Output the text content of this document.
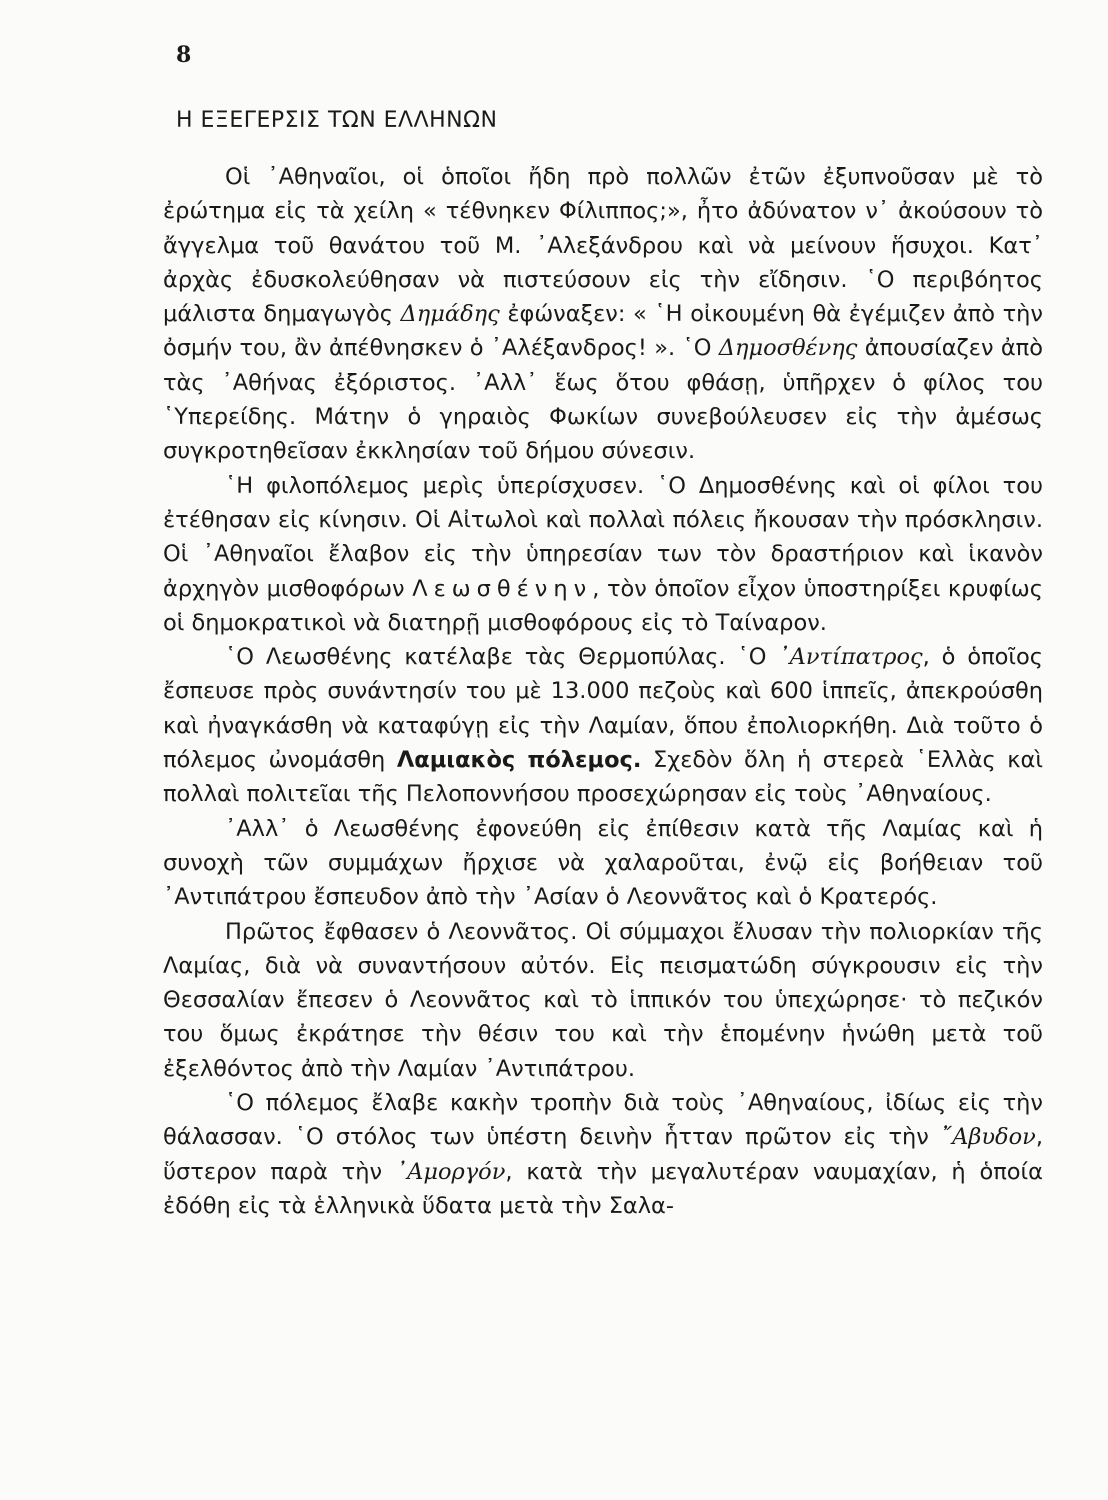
8
Η ΕΞΕΓΕΡΣΙΣ ΤΩΝ ΕΛΛΗΝΩΝ

Οἱ ᾿Αθηναῖοι, οἱ ὁποῖοι ἤδη πρὸ πολλῶν ἐτῶν ἐξυπνοῦσαν μὲ τὸ ἐρώτημα εἰς τὰ χείλη « τέθνηκεν Φίλιππος;», ἦτο ἀδύνατον ν᾿ ἀκούσουν τὸ ἄγγελμα τοῦ θανάτου τοῦ Μ. ᾿Αλεξάνδρου καὶ νὰ μείνουν ἥσυχοι. Κατ᾿ ἀρχὰς ἐδυσκολεύθησαν νὰ πιστεύσουν εἰς τὴν εἴδησιν. ῾Ο περιβόητος μάλιστα δημαγωγὸς Δημάδης ἐφώναξεν: « ῾Η οἰκουμένη θὰ ἐγέμιζεν ἀπὸ τὴν ὀσμήν του, ἂν ἀπέθνησκεν ὁ ᾿Αλέξανδρος! ». ῾Ο Δημοσθένης ἀπουσίαζεν ἀπὸ τὰς ᾿Αθήνας ἐξόριστος. ᾿Αλλ᾿ ἕως ὅτου φθάσῃ, ὑπῆρχεν ὁ φίλος του ῾Υπερείδης. Μάτην ὁ γηραιὸς Φωκίων συνεβούλευσεν εἰς τὴν ἀμέσως συγκροτηθεῖσαν ἐκκλησίαν τοῦ δήμου σύνεσιν.

῾Η φιλοπόλεμος μερὶς ὑπερίσχυσεν. ῾Ο Δημοσθένης καὶ οἱ φίλοι του ἐτέθησαν εἰς κίνησιν. Οἱ Αἰτωλοὶ καὶ πολλαὶ πόλεις ἤκουσαν τὴν πρόσκλησιν. Οἱ ᾿Αθηναῖοι ἔλαβον εἰς τὴν ὑπηρεσίαν των τὸν δραστήριον καὶ ἱκανὸν ἀρχηγὸν μισθοφόρων Λεωσθένην, τὸν ὁποῖον εἶχον ὑποστηρίξει κρυφίως οἱ δημοκρατικοὶ νὰ διατηρῇ μισθοφόρους εἰς τὸ Ταίναρον.

῾Ο Λεωσθένης κατέλαβε τὰς Θερμοπύλας. ῾Ο ᾿Αντίπατρος, ὁ ὁποῖος ἔσπευσε πρὸς συνάντησίν του μὲ 13.000 πεζοὺς καὶ 600 ἱππεῖς, ἀπεκρούσθη καὶ ἠναγκάσθη νὰ καταφύγῃ εἰς τὴν Λαμίαν, ὅπου ἐπολιορκήθη. Διὰ τοῦτο ὁ πόλεμος ὠνομάσθη Λαμιακὸς πόλεμος. Σχεδὸν ὅλη ἡ στερεὰ ῾Ελλὰς καὶ πολλαὶ πολιτεῖαι τῆς Πελοποννήσου προσεχώρησαν εἰς τοὺς ᾿Αθηναίους.

᾿Αλλ᾿ ὁ Λεωσθένης ἐφονεύθη εἰς ἐπίθεσιν κατὰ τῆς Λαμίας καὶ ἡ συνοχὴ τῶν συμμάχων ἤρχισε νὰ χαλαροῦται, ἐνῷ εἰς βοήθειαν τοῦ ᾿Αντιπάτρου ἔσπευδον ἀπὸ τὴν ᾿Ασίαν ὁ Λεοννᾶτος καὶ ὁ Κρατερός.

Πρῶτος ἔφθασεν ὁ Λεοννᾶτος. Οἱ σύμμαχοι ἔλυσαν τὴν πολιορκίαν τῆς Λαμίας, διὰ νὰ συναντήσουν αὐτόν. Εἰς πεισματώδη σύγκρουσιν εἰς τὴν Θεσσαλίαν ἔπεσεν ὁ Λεοννᾶτος καὶ τὸ ἱππικόν του ὑπεχώρησε· τὸ πεζικόν του ὅμως ἐκράτησε τὴν θέσιν του καὶ τὴν ἑπομένην ἡνώθη μετὰ τοῦ ἐξελθόντος ἀπὸ τὴν Λαμίαν ᾿Αντιπάτρου.

῾Ο πόλεμος ἔλαβε κακὴν τροπὴν διὰ τοὺς ᾿Αθηναίους, ἰδίως εἰς τὴν θάλασσαν. ῾Ο στόλος των ὑπέστη δεινὴν ἧτταν πρῶτον εἰς τὴν ῎Αβυδον, ὕστερον παρὰ τὴν ᾿Αμοργόν, κατὰ τὴν μεγαλυτέραν ναυμαχίαν, ἡ ὁποία ἐδόθη εἰς τὰ ἑλληνικὰ ὕδατα μετὰ τὴν Σαλα-
